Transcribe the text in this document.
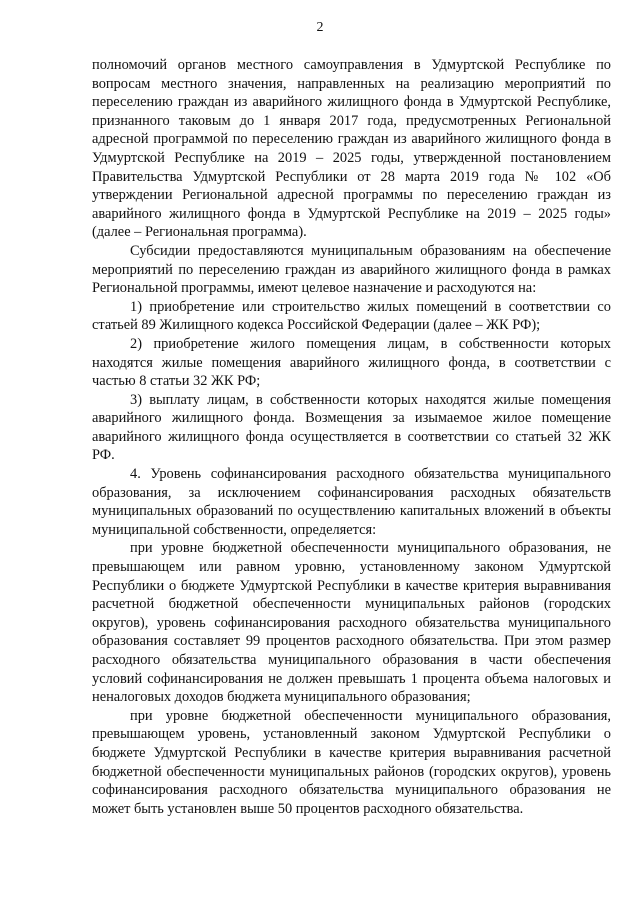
2

полномочий органов местного самоуправления в Удмуртской Республике по вопросам местного значения, направленных на реализацию мероприятий по переселению граждан из аварийного жилищного фонда в Удмуртской Республике, признанного таковым до 1 января 2017 года, предусмотренных Региональной адресной программой по переселению граждан из аварийного жилищного фонда в Удмуртской Республике на 2019 – 2025 годы, утвержденной постановлением Правительства Удмуртской Республики от 28 марта 2019 года № 102 «Об утверждении Региональной адресной программы по переселению граждан из аварийного жилищного фонда в Удмуртской Республике на 2019 – 2025 годы» (далее – Региональная программа).

Субсидии предоставляются муниципальным образованиям на обеспечение мероприятий по переселению граждан из аварийного жилищного фонда в рамках Региональной программы, имеют целевое назначение и расходуются на:

1) приобретение или строительство жилых помещений в соответствии со статьей 89 Жилищного кодекса Российской Федерации (далее – ЖК РФ);

2) приобретение жилого помещения лицам, в собственности которых находятся жилые помещения аварийного жилищного фонда, в соответствии с частью 8 статьи 32 ЖК РФ;

3) выплату лицам, в собственности которых находятся жилые помещения аварийного жилищного фонда. Возмещения за изымаемое жилое помещение аварийного жилищного фонда осуществляется в соответствии со статьей 32 ЖК РФ.

4. Уровень софинансирования расходного обязательства муниципального образования, за исключением софинансирования расходных обязательств муниципальных образований по осуществлению капитальных вложений в объекты муниципальной собственности, определяется:

при уровне бюджетной обеспеченности муниципального образования, не превышающем или равном уровню, установленному законом Удмуртской Республики о бюджете Удмуртской Республики в качестве критерия выравнивания расчетной бюджетной обеспеченности муниципальных районов (городских округов), уровень софинансирования расходного обязательства муниципального образования составляет 99 процентов расходного обязательства. При этом размер расходного обязательства муниципального образования в части обеспечения условий софинансирования не должен превышать 1 процента объема налоговых и неналоговых доходов бюджета муниципального образования;

при уровне бюджетной обеспеченности муниципального образования, превышающем уровень, установленный законом Удмуртской Республики о бюджете Удмуртской Республики в качестве критерия выравнивания расчетной бюджетной обеспеченности муниципальных районов (городских округов), уровень софинансирования расходного обязательства муниципального образования не может быть установлен выше 50 процентов расходного обязательства.
